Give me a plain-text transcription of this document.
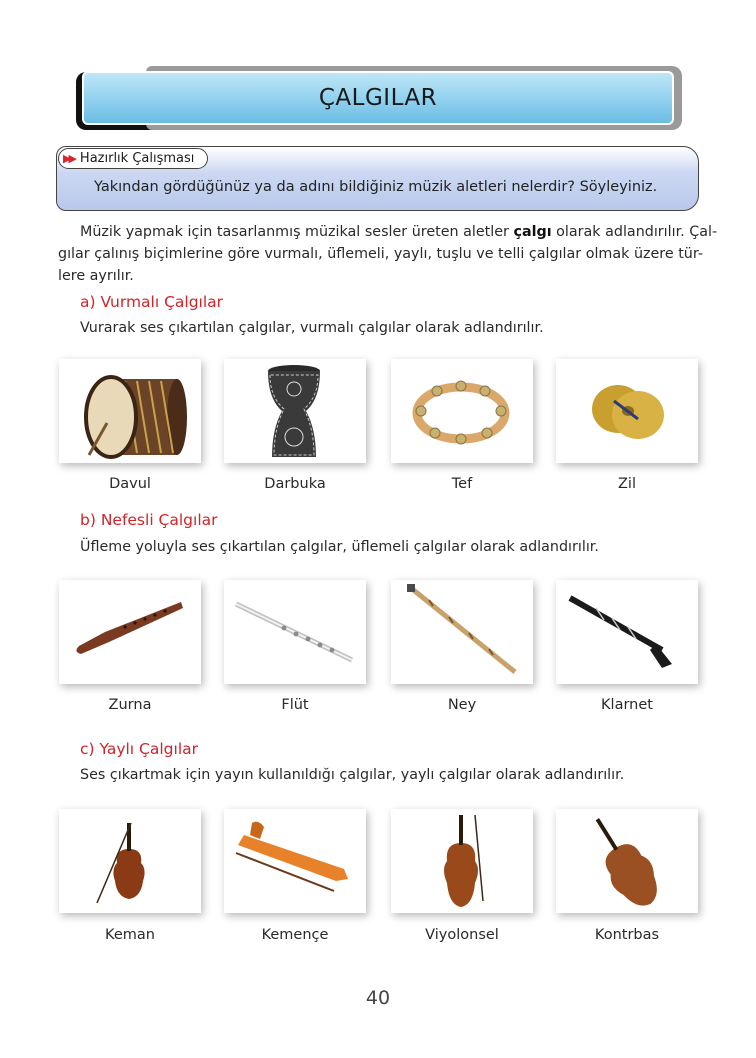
ÇALGILAR
▶▶ Hazırlık Çalışması
Yakından gördüğünüz ya da adını bildiğiniz müzik aletleri nelerdir? Söyleyiniz.
Müzik yapmak için tasarlanmış müzikal sesler üreten aletler çalgı olarak adlandırılır. Çal-
gılar çalınış biçimlerine göre vurmalı, üflemeli, yaylı, tuşlu ve telli çalgılar olmak üzere tür-
lere ayrılır.
a) Vurmalı Çalgılar
Vurarak ses çıkartılan çalgılar, vurmalı çalgılar olarak adlandırılır.
Davul	Darbuka	Tef	Zil
b) Nefesli Çalgılar
Üfleme yoluyla ses çıkartılan çalgılar, üflemeli çalgılar olarak adlandırılır.
Zurna	Flüt	Ney	Klarnet
c) Yaylı Çalgılar
Ses çıkartmak için yayın kullanıldığı çalgılar, yaylı çalgılar olarak adlandırılır.
Keman	Kemençe	Viyolonsel	Kontrbas
40
